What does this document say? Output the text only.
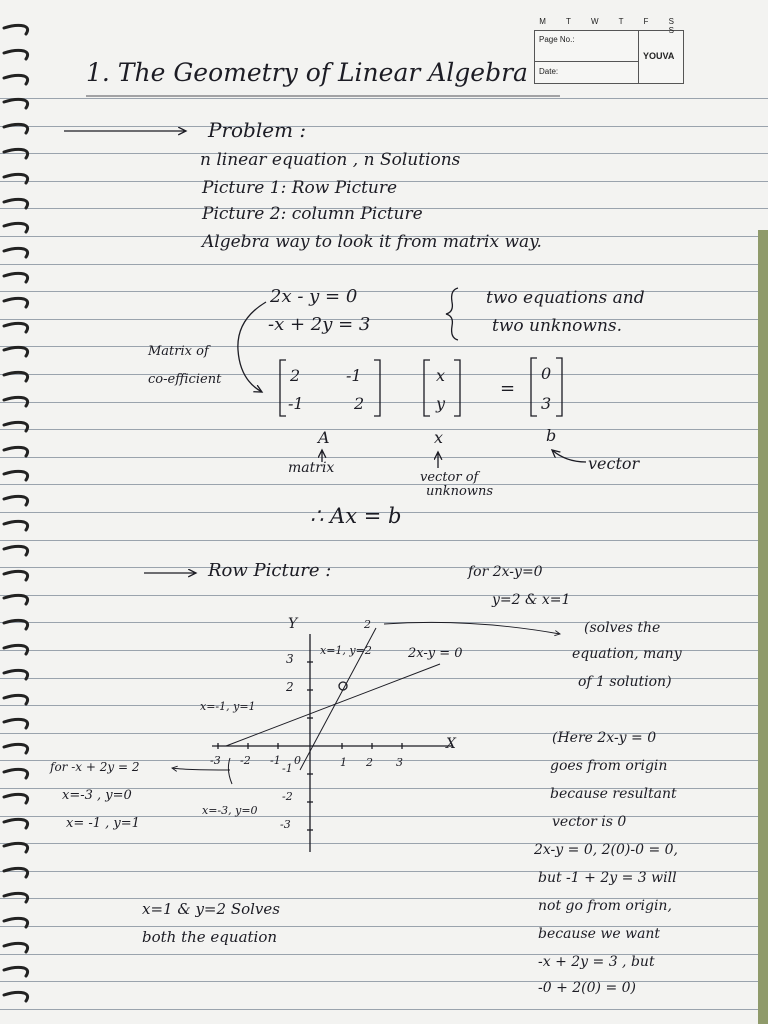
M T W T F S S
Page No.:
Date:
YOUVA
1. The Geometry of Linear Algebra
Problem :
n linear equation , n Solutions
Picture 1: Row Picture
Picture 2: column Picture
Algebra way to look it from matrix way.
2x - y = 0
-x + 2y = 3
two equations and
two unknowns.
Matrix of
co-efficient	2	-1
-1	2
x
y
=
0
3
A	x	b
matrix
vector of
unknowns
vector
∴ Ax = b
Row Picture :	for 2x-y=0
y=2 & x=1
Y
X
-3 -2 -1 0	1 2 3
3
2
-1
-2
-3
2
x=1, y=2	2x-y = 0
x=-1, y=1
x=-3, y=0
for -x + 2y = 2
x=-3 , y=0
x= -1 , y=1
(solves the
equation, many
of 1 solution)
(Here 2x-y = 0
goes from origin
because resultant
vector is 0
2x-y = 0, 2(0)-0 = 0,
but -1 + 2y = 3 will
not go from origin,
because we want
-x + 2y = 3 , but
-0 + 2(0) = 0)
x=1 & y=2 Solves
both the equation
